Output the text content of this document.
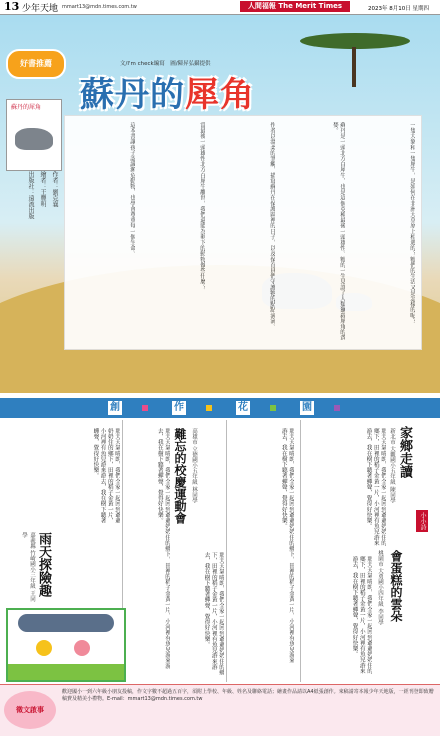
13 少年天地 mmart13@mdn.times.com.tw	人間福報 The Merit Times	2023年 8月10日 星期四
一隻大象和一隻犀牛，是如何在非洲大草原上相遇的？牠們的生活又是怎樣的呢？
蘇丹是一頭北方白犀牛，也是這個亞種最後一頭雄性。牠的一生見證了人類獵殺犀角的貪婪。
作者以溫柔的筆觸，描寫蘇丹在保護區裡的日子，以及保育員們守護牠的點點滴滴。
當最後一頭雄性北方白犀牛離世，我們還能為剩下的動物做些什麼？
這本書讓孩子認識瀕危動物，也學會尊重每一個生命。
好書推薦	文/I'm check編寫　圖/陳昇弘攝提供
蘇丹的犀角
蘇丹的犀角
作者：劉克襄
繪者：王豐明
出版社：遠流出版
創	作	花	園
家鄉走讀
新北市 大觀國小五年級 陳同學
那天天氣晴朗，我們全家一起回到爺爺奶奶住的鄉下，田裡的稻子金黃一片，小河裡有魚兒游來游去，我在樹下聽著蟬聲，覺得好快樂。
那天天氣晴朗，我們全家一起回到爺爺奶奶住的鄉下，田裡的稻子金黃一片，小河裡有魚兒游來游去，我在樹下聽著蟬聲，覺得好快樂。	小小詩人
會蛋糕的雲朵
桃園市 大勇國小四年級 李同學
那天天氣晴朗，我們全家一起回到爺爺奶奶住的鄉下，田裡的稻子金黃一片，小河裡有魚兒游來游去，我在樹下聽著蟬聲，覺得好快樂。
難忘的校慶運動會 高雄市 立德國小五年級 林同學
那天天氣晴朗，我們全家一起回到爺爺奶奶住的鄉下，田裡的稻子金黃一片，小河裡有魚兒游來游去，我在樹下聽著蟬聲，覺得好快樂。
那天天氣晴朗，我們全家一起回到爺爺奶奶住的鄉下，田裡的稻子金黃一片，小河裡有魚兒游來游去，我在樹下聽著蟬聲，覺得好快樂。
那天天氣晴朗，我們全家一起回到爺爺奶奶住的鄉下，田裡的稻子金黃一片，小河裡有魚兒游來游去，我在樹下聽著蟬聲，覺得好快樂。
雨天探險趣
嘉義縣 竹崎國小三年級 王同學
徵文啟事
歡迎國小一到六年級小朋友投稿，作文字數不超過五百字，須附上學校、年級、姓名及聯絡電話；繪畫作品請以A4紙張創作。來稿請寄本報少年天地版，一經刊登即致贈稿費及精美小禮物。E-mail：mmart13@mdn.times.com.tw
